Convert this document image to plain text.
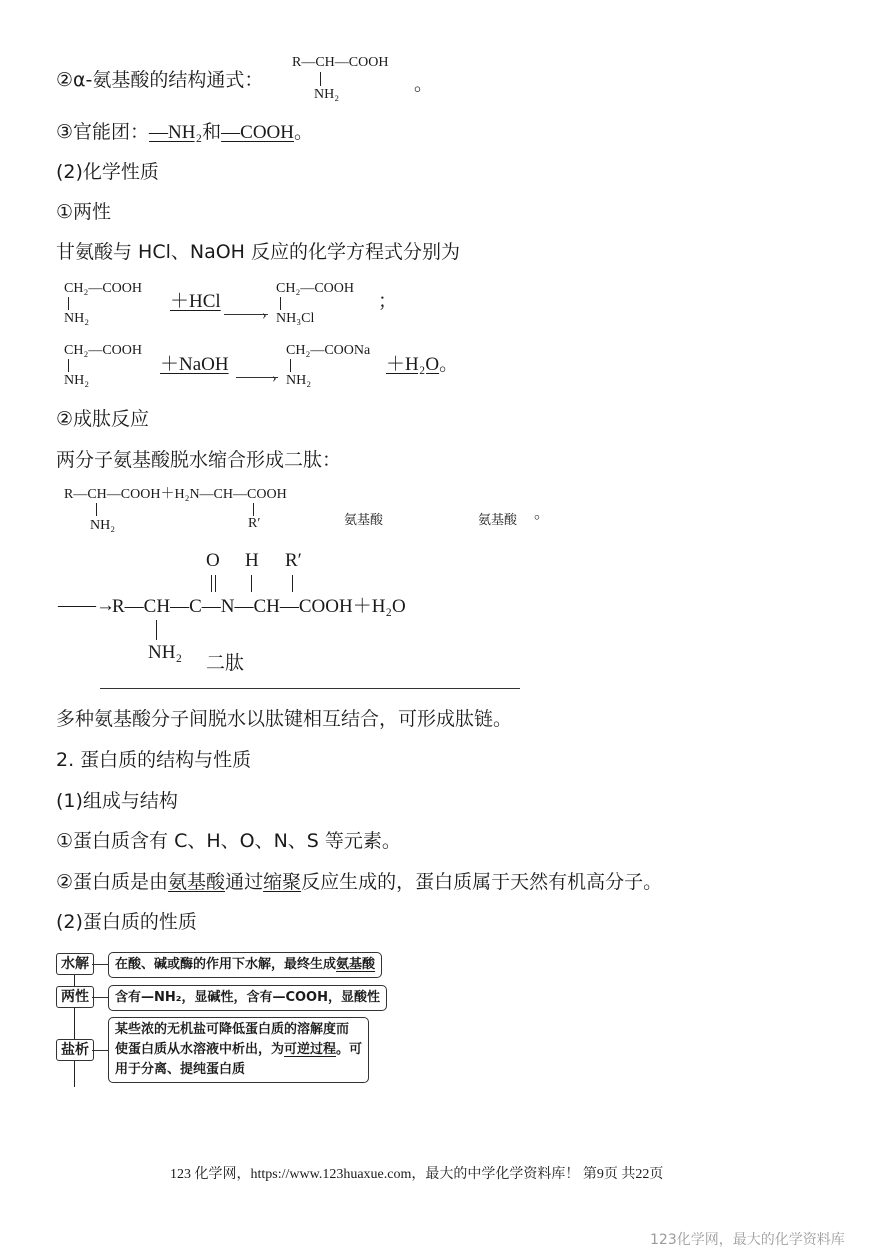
②α-氨基酸的结构通式：
R—CH—COOH
NH₂	。
③官能团：—NH₂和—COOH。
(2)化学性质
①两性
甘氨酸与 HCl、NaOH 反应的化学方程式分别为
CH₂—COOH
NH₂
＋HCl
›
CH₂—COOH
NH₃Cl
；
CH₂—COOH
NH₂
＋NaOH
›
CH₂—COONa
NH₂
＋H₂O。
②成肽反应
两分子氨基酸脱水缩合形成二肽：
R—CH—COOH＋H₂N—CH—COOH
NH₂	R′	氨基酸	氨基酸 。
O H R′
——→
R—CH—C—N—CH—COOH＋H₂O
NH₂ 二肽
多种氨基酸分子间脱水以肽键相互结合，可形成肽链。
2. 蛋白质的结构与性质
(1)组成与结构
①蛋白质含有 C、H、O、N、S 等元素。
②蛋白质是由氨基酸通过缩聚反应生成的，蛋白质属于天然有机高分子。
(2)蛋白质的性质
水解	在酸、碱或酶的作用下水解，最终生成氨基酸
两性	含有—NH₂，显碱性，含有—COOH，显酸性
盐析
某些浓的无机盐可降低蛋白质的溶解度而
使蛋白质从水溶液中析出，为可逆过程。可
用于分离、提纯蛋白质
123 化学网，https://www.123huaxue.com，最大的中学化学资料库！ 第9页 共22页
123化学网，最大的化学资料库
